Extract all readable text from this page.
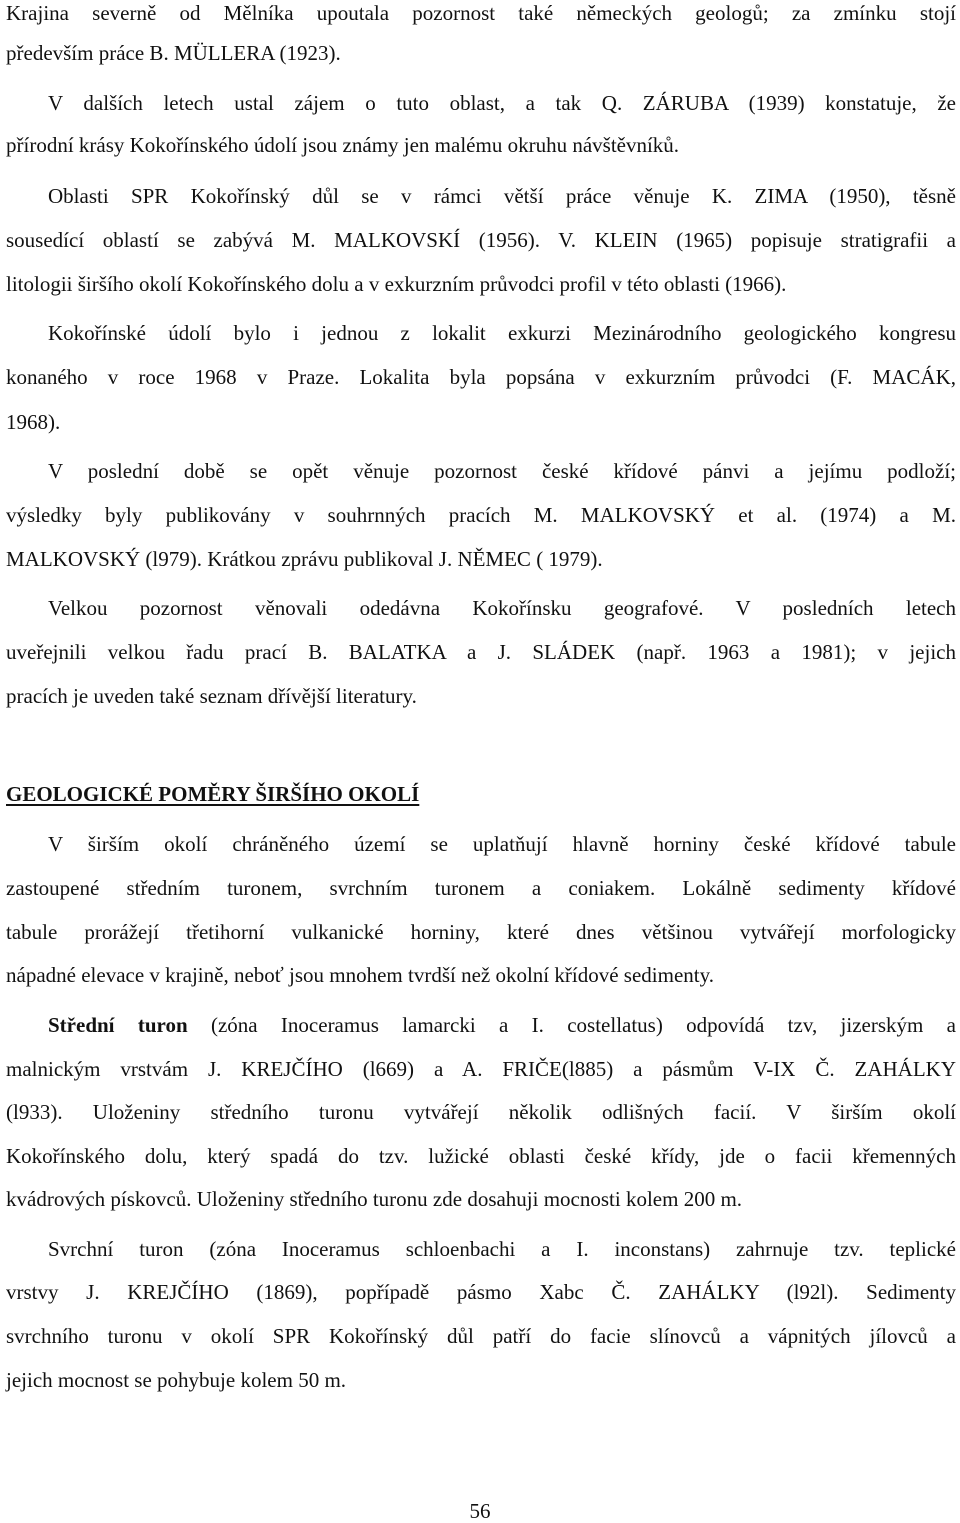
Krajina severně od Mělníka upoutala pozornost také německých geologů; za zmínku stojí
především práce B. MÜLLERA (1923).
V dalších letech ustal zájem o tuto oblast, a tak Q. ZÁRUBA (1939) konstatuje, že
přírodní krásy Kokořínského údolí jsou známy jen malému okruhu návštěvníků.
Oblasti SPR Kokořínský důl se v rámci větší práce věnuje K. ZIMA (1950), těsně
sousedící oblastí se zabývá M. MALKOVSKÍ (1956). V. KLEIN (1965) popisuje stratigrafii a
litologii širšího okolí Kokořínského dolu a v exkurzním průvodci profil v této oblasti (1966).
Kokořínské údolí bylo i jednou z lokalit exkurzi Mezinárodního geologického kongresu
konaného v roce 1968 v Praze. Lokalita byla popsána v exkurzním průvodci (F. MACÁK,
1968).
V poslední době se opět věnuje pozornost české křídové pánvi a jejímu podloží;
výsledky byly publikovány v souhrnných pracích M. MALKOVSKÝ et al. (1974) a M.
MALKOVSKÝ (l979). Krátkou zprávu publikoval J. NĚMEC ( 1979).
Velkou pozornost věnovali odedávna Kokořínsku geografové. V posledních letech
uveřejnili velkou řadu prací B. BALATKA a J. SLÁDEK (např. 1963 a 1981); v jejich
pracích je uveden také seznam dřívější literatury.
GEOLOGICKÉ POMĚRY ŠIRŠÍHO OKOLÍ
V širším okolí chráněného území se uplatňují hlavně horniny české křídové tabule
zastoupené středním turonem, svrchním turonem a coniakem. Lokálně sedimenty křídové
tabule prorážejí třetihorní vulkanické horniny, které dnes většinou vytvářejí morfologicky
nápadné elevace v krajině, neboť jsou mnohem tvrdší než okolní křídové sedimenty.
Střední turon (zóna Inoceramus lamarcki a I. costellatus) odpovídá tzv, jizerským a
malnickým vrstvám J. KREJČÍHO (l669) a A. FRIČE(l885) a pásmům V-IX Č. ZAHÁLKY
(l933). Uloženiny středního turonu vytvářejí několik odlišných facií. V širším okolí
Kokořínského dolu, který spadá do tzv. lužické oblasti české křídy, jde o facii křemenných
kvádrových pískovců. Uloženiny středního turonu zde dosahuji mocnosti kolem 200 m.
Svrchní turon (zóna Inoceramus schloenbachi a I. inconstans) zahrnuje tzv. teplické
vrstvy J. KREJČÍHO (1869), popřípadě pásmo Xabc Č. ZAHÁLKY (l92l). Sedimenty
svrchního turonu v okolí SPR Kokořínský důl patří do facie slínovců a vápnitých jílovců a
jejich mocnost se pohybuje kolem 50 m.
56
